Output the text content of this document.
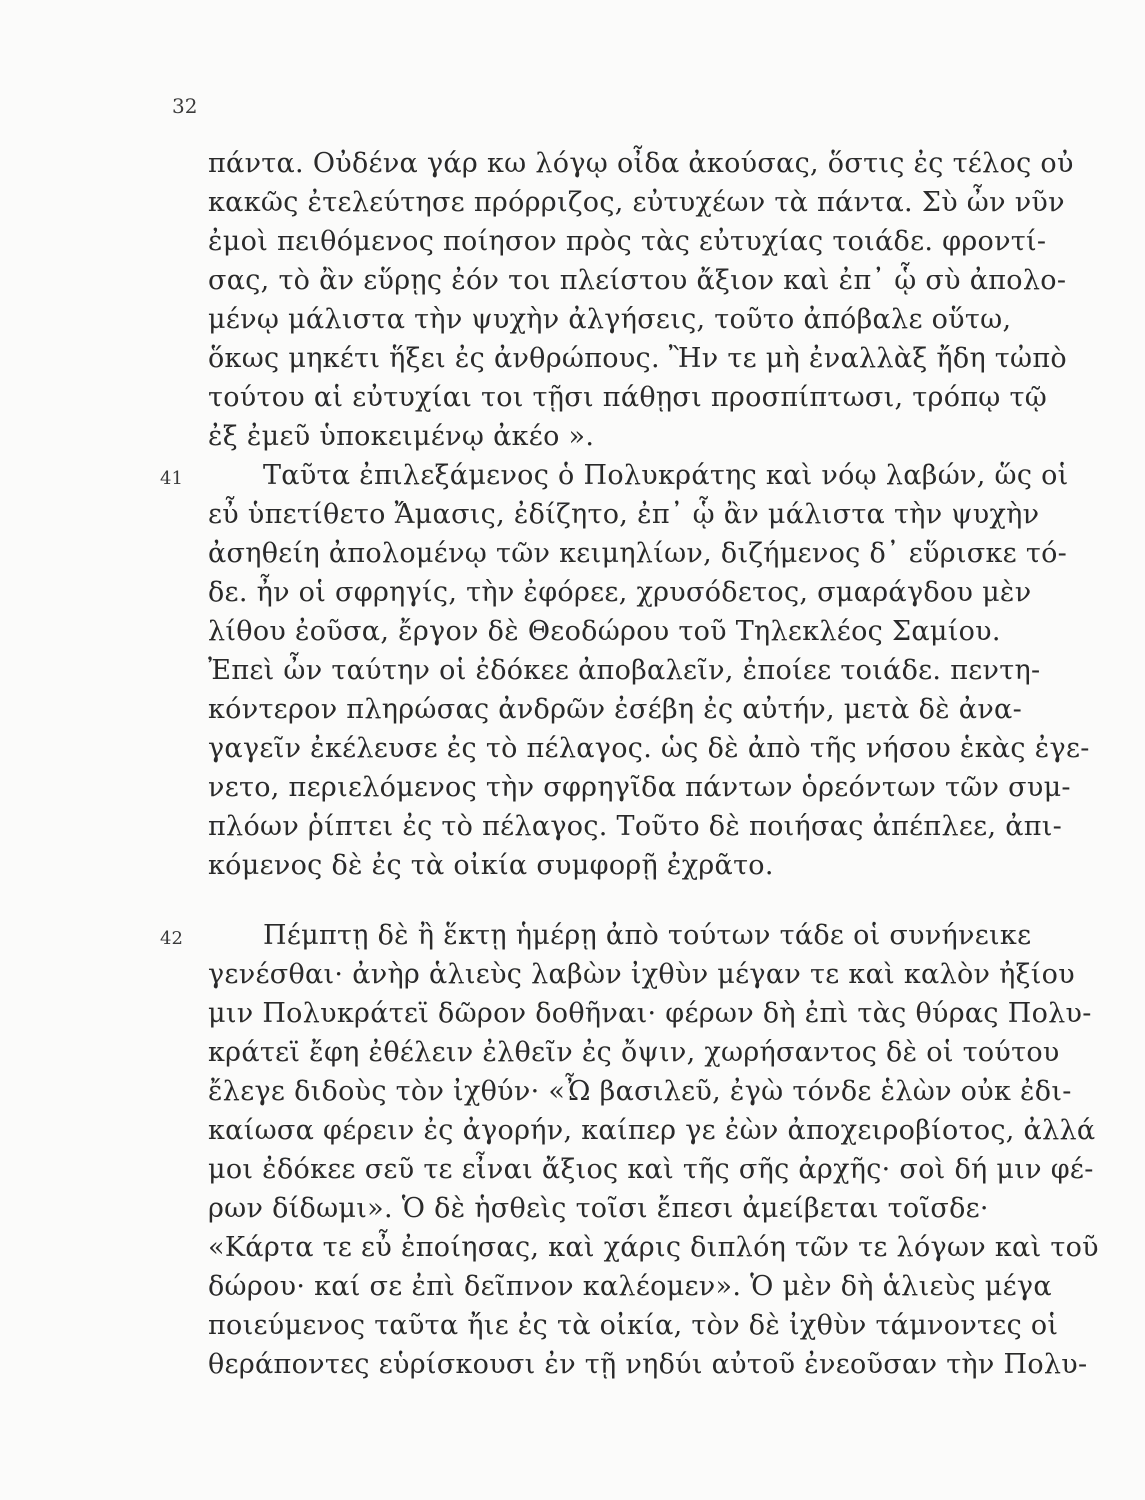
32
πάντα. Οὐδένα γάρ κω λόγῳ οἶδα ἀκούσας, ὅστις ἐς τέλος οὐ
κακῶς ἐτελεύτησε πρόρριζος, εὐτυχέων τὰ πάντα. Σὺ ὦν νῦν
ἐμοὶ πειθόμενος ποίησον πρὸς τὰς εὐτυχίας τοιάδε. φροντί-
σας, τὸ ἂν εὕρῃς ἐόν τοι πλείστου ἄξιον καὶ ἐπ᾽ ᾧ σὺ ἀπολο-
μένῳ μάλιστα τὴν ψυχὴν ἀλγήσεις, τοῦτο ἀπόβαλε οὕτω,
ὅκως μηκέτι ἥξει ἐς ἀνθρώπους. Ἢν τε μὴ ἐναλλὰξ ἤδη τὠπὸ
τούτου αἱ εὐτυχίαι τοι τῇσι πάθῃσι προσπίπτωσι, τρόπῳ τῷ
ἐξ ἐμεῦ ὑποκειμένῳ ἀκέο ».
41	Ταῦτα ἐπιλεξάμενος ὁ Πολυκράτης καὶ νόῳ λαβών, ὥς οἱ
εὖ ὑπετίθετο Ἄμασις, ἐδίζητο, ἐπ᾽ ᾧ ἂν μάλιστα τὴν ψυχὴν
ἀσηθείη ἀπολομένῳ τῶν κειμηλίων, διζήμενος δ᾽ εὕρισκε τό-
δε. ἦν οἱ σφρηγίς, τὴν ἐφόρεε, χρυσόδετος, σμαράγδου μὲν
λίθου ἐοῦσα, ἔργον δὲ Θεοδώρου τοῦ Τηλεκλέος Σαμίου.
Ἐπεὶ ὦν ταύτην οἱ ἐδόκεε ἀποβαλεῖν, ἐποίεε τοιάδε. πεντη-
κόντερον πληρώσας ἀνδρῶν ἐσέβη ἐς αὐτήν, μετὰ δὲ ἀνα-
γαγεῖν ἐκέλευσε ἐς τὸ πέλαγος. ὡς δὲ ἀπὸ τῆς νήσου ἑκὰς ἐγε-
νετο, περιελόμενος τὴν σφρηγῖδα πάντων ὁρεόντων τῶν συμ-
πλόων ῥίπτει ἐς τὸ πέλαγος. Τοῦτο δὲ ποιήσας ἀπέπλεε, ἀπι-
κόμενος δὲ ἐς τὰ οἰκία συμφορῇ ἐχρᾶτο.
42	Πέμπτῃ δὲ ἢ ἕκτῃ ἡμέρῃ ἀπὸ τούτων τάδε οἱ συνήνεικε
γενέσθαι· ἀνὴρ ἁλιεὺς λαβὼν ἰχθὺν μέγαν τε καὶ καλὸν ἠξίου
μιν Πολυκράτεϊ δῶρον δοθῆναι· φέρων δὴ ἐπὶ τὰς θύρας Πολυ-
κράτεϊ ἔφη ἐθέλειν ἐλθεῖν ἐς ὄψιν, χωρήσαντος δὲ οἱ τούτου
ἔλεγε διδοὺς τὸν ἰχθύν· «Ὦ βασιλεῦ, ἐγὼ τόνδε ἑλὼν οὐκ ἐδι-
καίωσα φέρειν ἐς ἀγορήν, καίπερ γε ἐὼν ἀποχειροβίοτος, ἀλλά
μοι ἐδόκεε σεῦ τε εἶναι ἄξιος καὶ τῆς σῆς ἀρχῆς· σοὶ δή μιν φέ-
ρων δίδωμι». Ὁ δὲ ἡσθεὶς τοῖσι ἔπεσι ἀμείβεται τοῖσδε·
«Κάρτα τε εὖ ἐποίησας, καὶ χάρις διπλόη τῶν τε λόγων καὶ τοῦ
δώρου· καί σε ἐπὶ δεῖπνον καλέομεν». Ὁ μὲν δὴ ἁλιεὺς μέγα
ποιεύμενος ταῦτα ἤιε ἐς τὰ οἰκία, τὸν δὲ ἰχθὺν τάμνοντες οἱ
θεράποντες εὑρίσκουσι ἐν τῇ νηδύι αὐτοῦ ἐνεοῦσαν τὴν Πολυ-
